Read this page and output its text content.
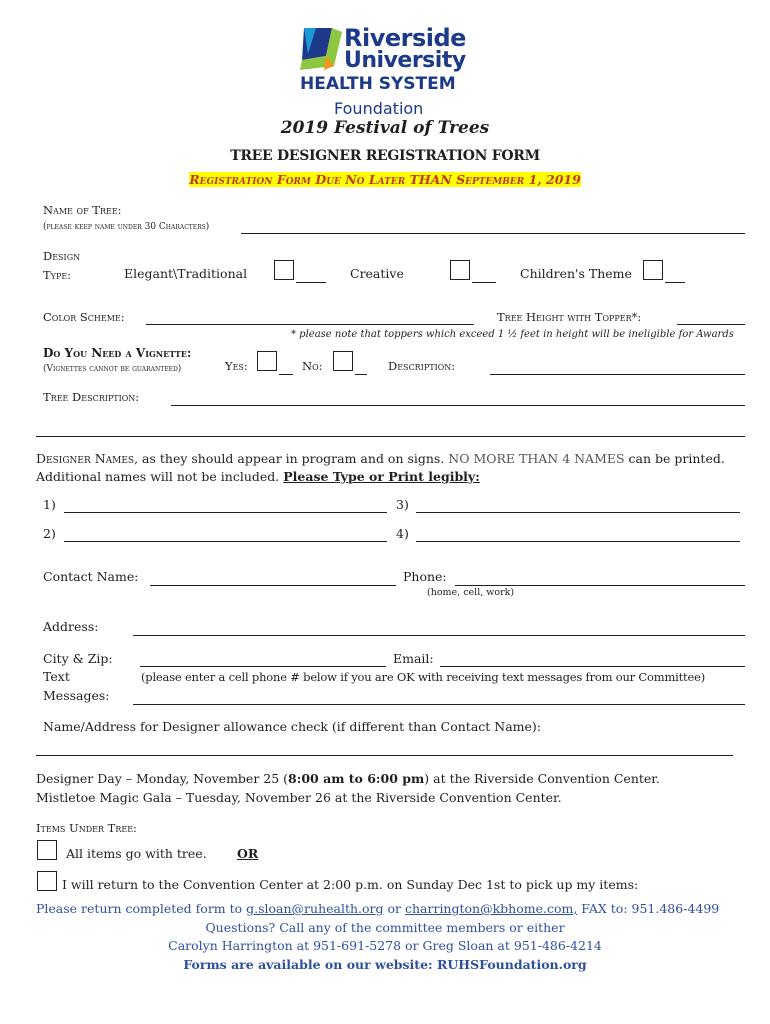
Riverside
University
HEALTH SYSTEM
Foundation
2019 Festival of Trees
TREE DESIGNER REGISTRATION FORM
Registration Form Due No Later THAN September 1, 2019
Name of Tree:
(please keep name under 30 Characters)
Design
Type:	Elegant\Traditional	Creative	Children's Theme
Color Scheme:	Tree Height with Topper*:
* please note that toppers which exceed 1 ½ feet in height will be ineligible for Awards
Do You Need a Vignette:
(Vignettes cannot be guaranteed)	Yes:	No:	Description:
Tree Description:
Designer Names, as they should appear in program and on signs. NO MORE THAN 4 NAMES can be printed.
Additional names will not be included. Please Type or Print legibly:
1)	3)
2)	4)
Contact Name:	Phone:
(home, cell, work)
Address:
City & Zip:	Email:
Text
Messages:
(please enter a cell phone # below if you are OK with receiving text messages from our Committee)
Name/Address for Designer allowance check (if different than Contact Name):
Designer Day – Monday, November 25 (8:00 am to 6:00 pm) at the Riverside Convention Center.
Mistletoe Magic Gala – Tuesday, November 26 at the Riverside Convention Center.
Items Under Tree:
All items go with tree. OR
I will return to the Convention Center at 2:00 p.m. on Sunday Dec 1st to pick up my items:
Please return completed form to g.sloan@ruhealth.org or charrington@kbhome.com, FAX to: 951.486-4499
Questions? Call any of the committee members or either
Carolyn Harrington at 951-691-5278 or Greg Sloan at 951-486-4214
Forms are available on our website: RUHSFoundation.org
